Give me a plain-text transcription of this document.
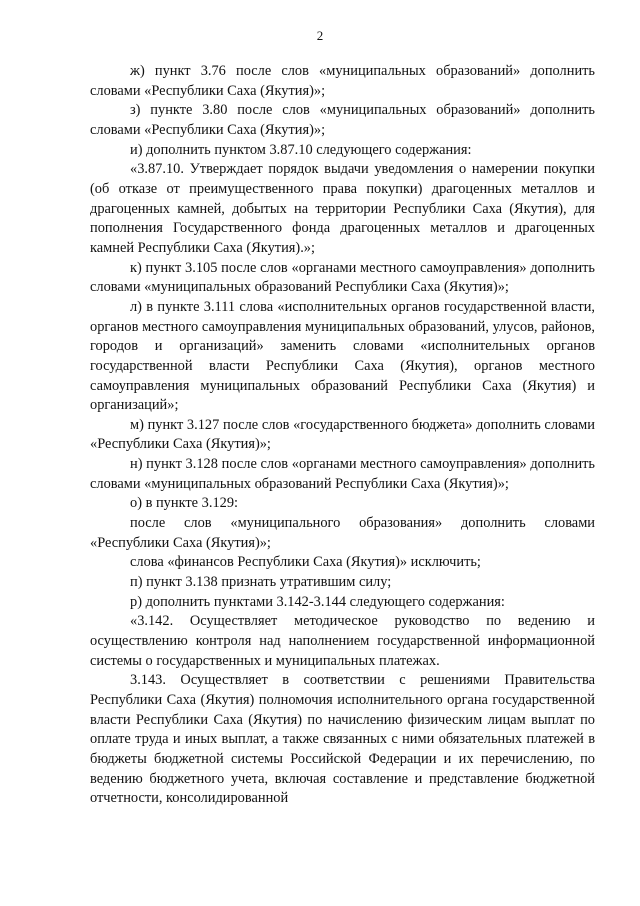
2

ж) пункт 3.76 после слов «муниципальных образований» дополнить словами «Республики Саха (Якутия)»;

з) пункте 3.80 после слов «муниципальных образований» дополнить словами «Республики Саха (Якутия)»;

и) дополнить пунктом 3.87.10 следующего содержания:

«3.87.10. Утверждает порядок выдачи уведомления о намерении покупки (об отказе от преимущественного права покупки) драгоценных металлов и драгоценных камней, добытых на территории Республики Саха (Якутия), для пополнения Государственного фонда драгоценных металлов и драгоценных камней Республики Саха (Якутия).»;

к) пункт 3.105 после слов «органами местного самоуправления» дополнить словами «муниципальных образований Республики Саха (Якутия)»;

л) в пункте 3.111 слова «исполнительных органов государственной власти, органов местного самоуправления муниципальных образований, улусов, районов, городов и организаций» заменить словами «исполнительных органов государственной власти Республики Саха (Якутия), органов местного самоуправления муниципальных образований Республики Саха (Якутия) и организаций»;

м) пункт 3.127 после слов «государственного бюджета» дополнить словами «Республики Саха (Якутия)»;

н) пункт 3.128 после слов «органами местного самоуправления» дополнить словами «муниципальных образований Республики Саха (Якутия)»;

о) в пункте 3.129:

после слов «муниципального образования» дополнить словами «Республики Саха (Якутия)»;

слова «финансов Республики Саха (Якутия)» исключить;

п) пункт 3.138 признать утратившим силу;

р) дополнить пунктами 3.142-3.144 следующего содержания:

«3.142. Осуществляет методическое руководство по ведению и осуществлению контроля над наполнением государственной информационной системы о государственных и муниципальных платежах.

3.143. Осуществляет в соответствии с решениями Правительства Республики Саха (Якутия) полномочия исполнительного органа государственной власти Республики Саха (Якутия) по начислению физическим лицам выплат по оплате труда и иных выплат, а также связанных с ними обязательных платежей в бюджеты бюджетной системы Российской Федерации и их перечислению, по ведению бюджетного учета, включая составление и представление бюджетной отчетности, консолидированной
